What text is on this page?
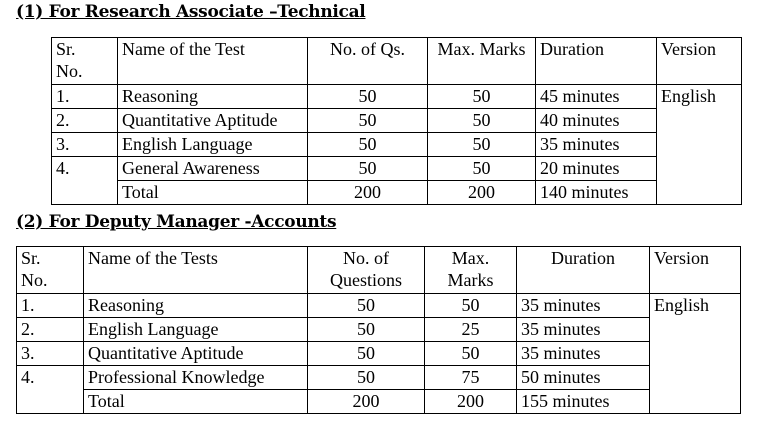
(1) For Research Associate –Technical
Sr. No.	Name of the Test	No. of Qs.	Max. Marks	Duration	Version
1.	Reasoning	50	50	45 minutes	English
2.	Quantitative Aptitude	50	50	40 minutes	
3.	English Language	50	50	35 minutes	
4.	General Awareness	50	50	20 minutes	
	Total	200	200	140 minutes	
(2) For Deputy Manager -Accounts
Sr. No.	Name of the Tests	No. of Questions	Max. Marks	Duration	Version
1.	Reasoning	50	50	35 minutes	English
2.	English Language	50	25	35 minutes	
3.	Quantitative Aptitude	50	50	35 minutes	
4.	Professional Knowledge	50	75	50 minutes	
	Total	200	200	155 minutes	
